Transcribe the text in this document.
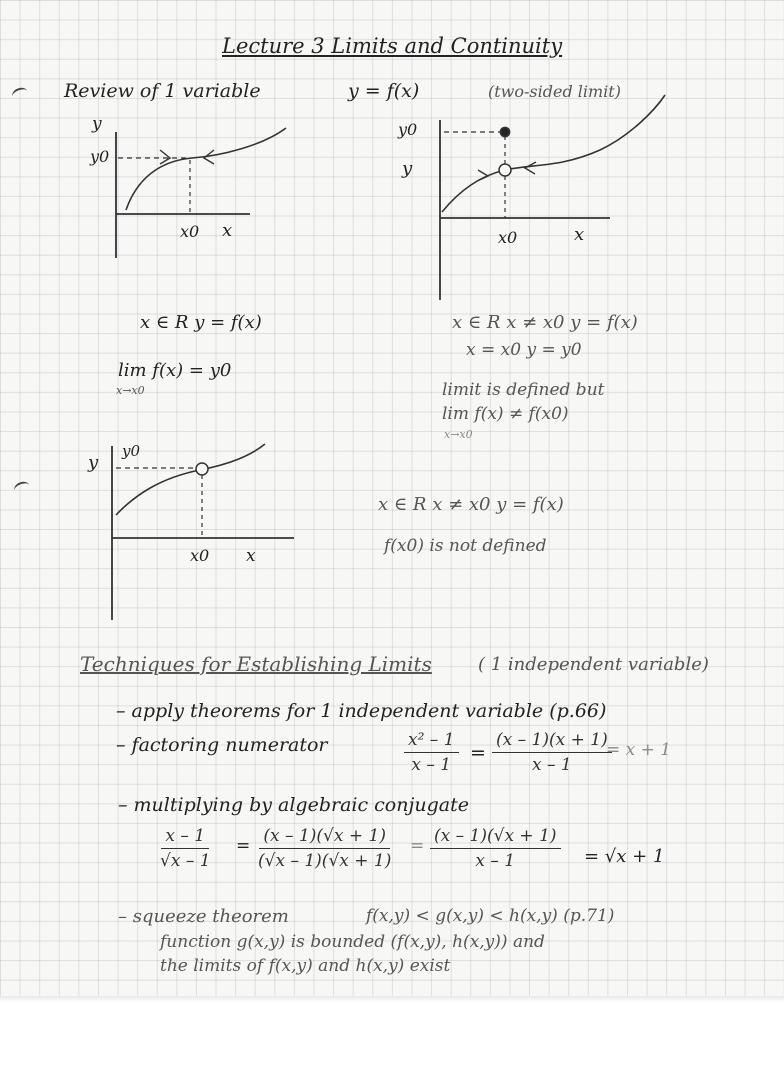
Lecture 3 Limits and Continuity
Review of 1 variable	y = f(x)	(two-sided limit)
y
y0
x0 x
y0
y
x0	x
x ∈ R y = f(x)
lim f(x) = y0
x→x0
x ∈ R x ≠ x0 y = f(x)
x = x0 y = y0
limit is defined but
lim f(x) ≠ f(x0)
x→x0
y
y0
x0 x
x ∈ R x ≠ x0 y = f(x)
f(x0) is not defined
Techniques for Establishing Limits	( 1 independent variable)
– apply theorems for 1 independent variable (p.66)
– factoring numerator	$\frac{\text{x² – 1}}{x - 1} = \frac{(x - 1)(x + 1)}{x - 1}$
= x + 1
– multiplying by algebraic conjugate
$\frac{x - 1}{√x - 1} = \frac{(x - 1)(√x + 1)}{(√x - 1)(√x + 1)} = \frac{(x - 1)(√x + 1)}{x - 1} = √x + 1$
– squeeze theorem	f(x,y) < g(x,y) < h(x,y) (p.71)
function g(x,y) is bounded (f(x,y), h(x,y)) and
the limits of f(x,y) and h(x,y) exist
